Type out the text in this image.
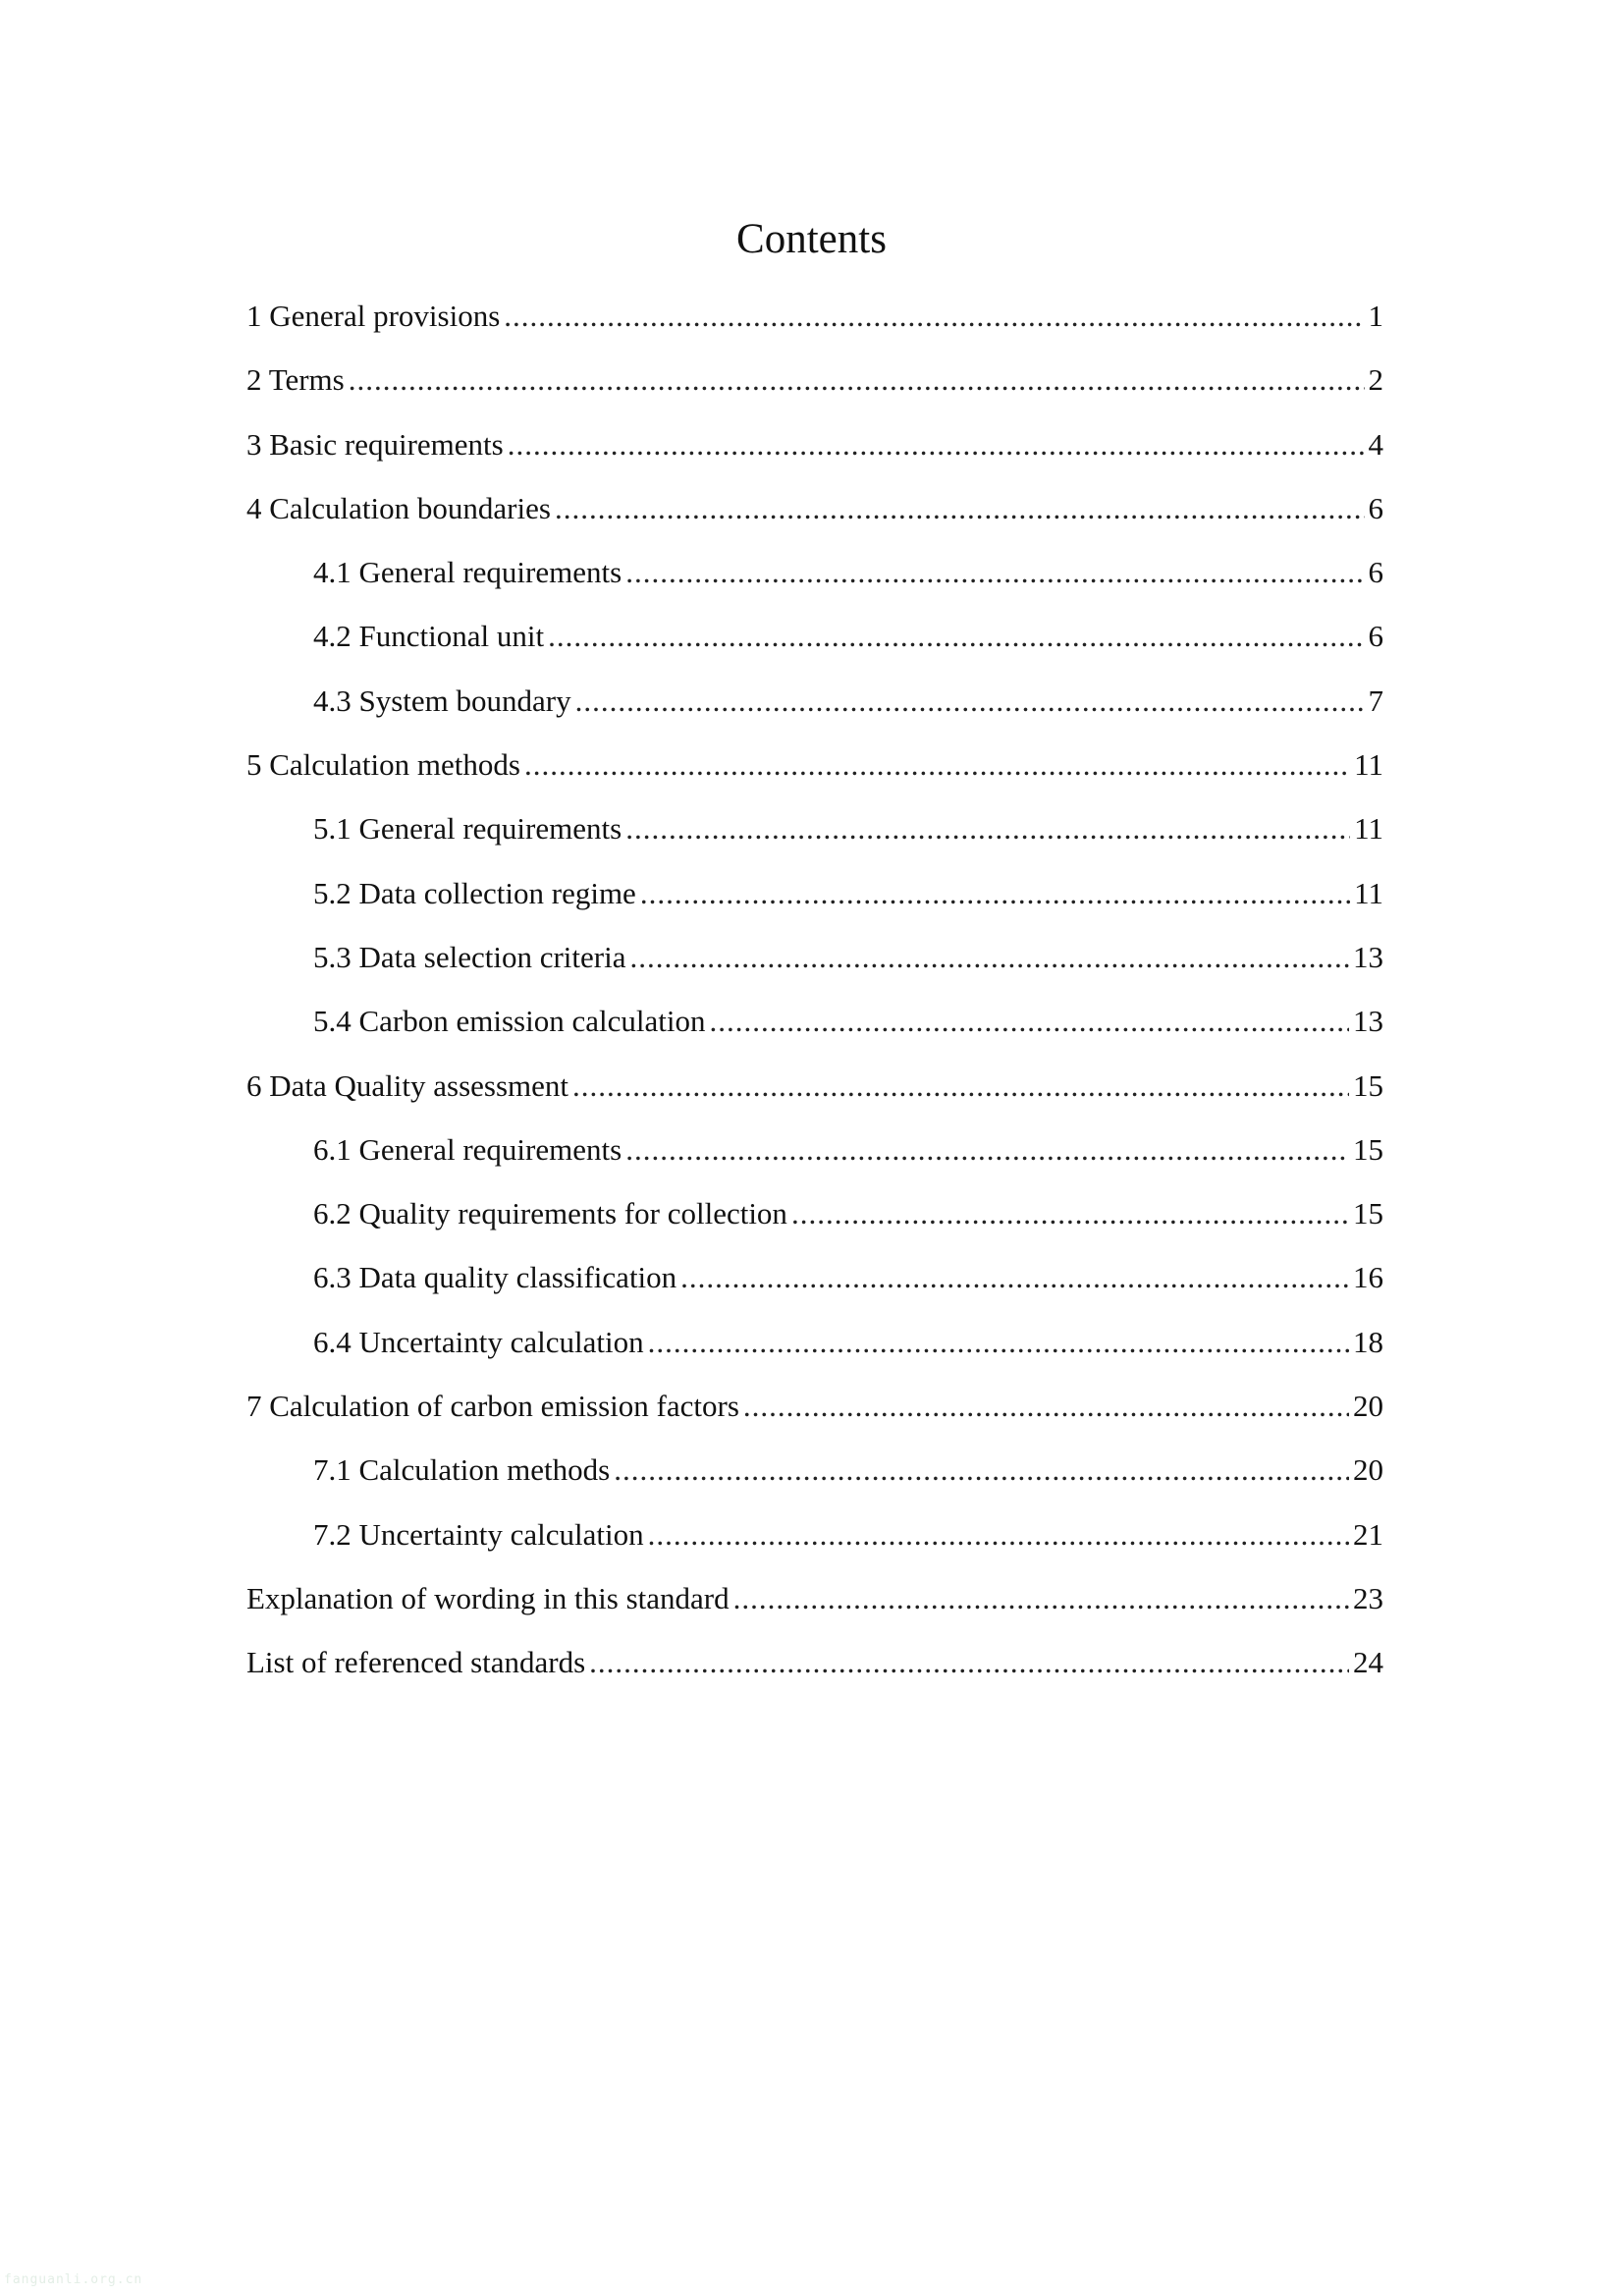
Contents
1 General provisions .....	1
2 Terms .....	2
3 Basic requirements .....	4
4 Calculation boundaries .....	6
4.1 General requirements .....	6
4.2 Functional unit .....	6
4.3 System boundary .....	7
5 Calculation methods .....	11
5.1 General requirements .....	11
5.2 Data collection regime .....	11
5.3 Data selection criteria .....	13
5.4 Carbon emission calculation .....	13
6 Data Quality assessment .....	15
6.1 General requirements .....	15
6.2 Quality requirements for collection .....	15
6.3 Data quality classification .....	16
6.4 Uncertainty calculation .....	18
7 Calculation of carbon emission factors .....	20
7.1 Calculation methods .....	20
7.2 Uncertainty calculation .....	21
Explanation of wording in this standard .....	23
List of referenced standards .....	24
fanguanli.org.cn
